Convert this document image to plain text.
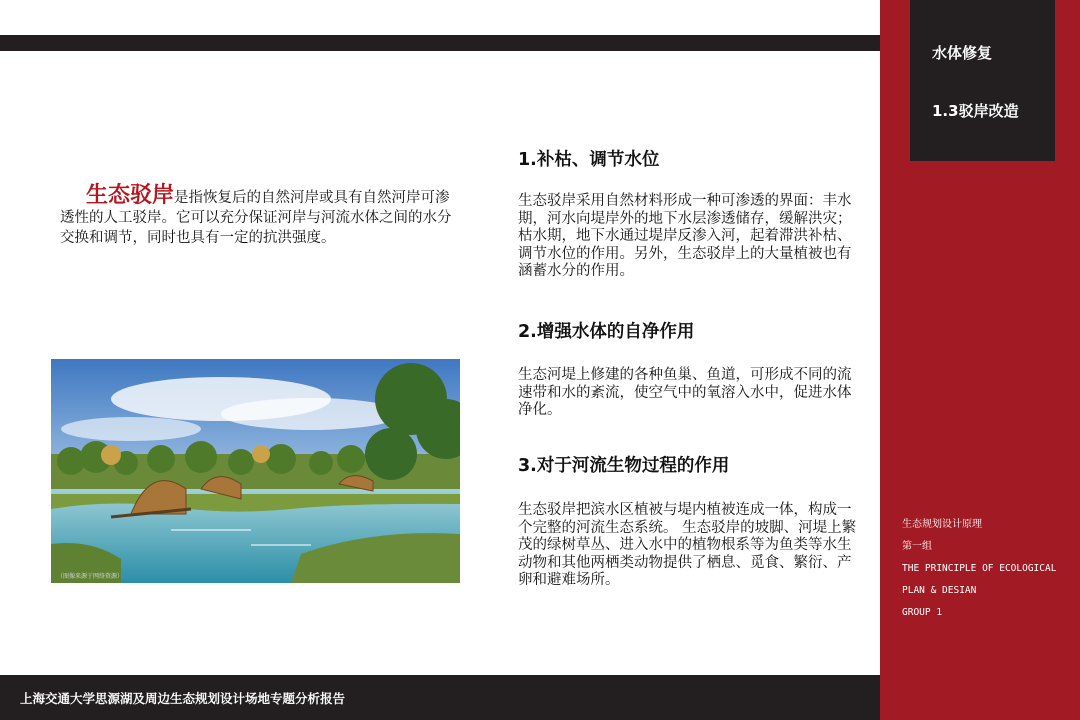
水体修复
1.3驳岸改造
生态规划设计原理
第一组
THE PRINCIPLE OF ECOLOGICAL
PLAN & DESIAN
GROUP 1
生态驳岸是指恢复后的自然河岸或具有自然河岸可渗透性的人工驳岸。它可以充分保证河岸与河流水体之间的水分交换和调节，同时也具有一定的抗洪强度。
（图像来源于网络资源）
1.补枯、调节水位
生态驳岸采用自然材料形成一种可渗透的界面：丰水期，河水向堤岸外的地下水层渗透储存，缓解洪灾；枯水期，地下水通过堤岸反渗入河，起着滞洪补枯、调节水位的作用。另外，生态驳岸上的大量植被也有涵蓄水分的作用。
2.增强水体的自净作用
生态河堤上修建的各种鱼巢、鱼道，可形成不同的流速带和水的紊流，使空气中的氧溶入水中，促进水体净化。
3.对于河流生物过程的作用
生态驳岸把滨水区植被与堤内植被连成一体，构成一个完整的河流生态系统。 生态驳岸的坡脚、河堤上繁茂的绿树草丛、进入水中的植物根系等为鱼类等水生动物和其他两栖类动物提供了栖息、觅食、繁衍、产卵和避难场所。
上海交通大学思源湖及周边生态规划设计场地专题分析报告
